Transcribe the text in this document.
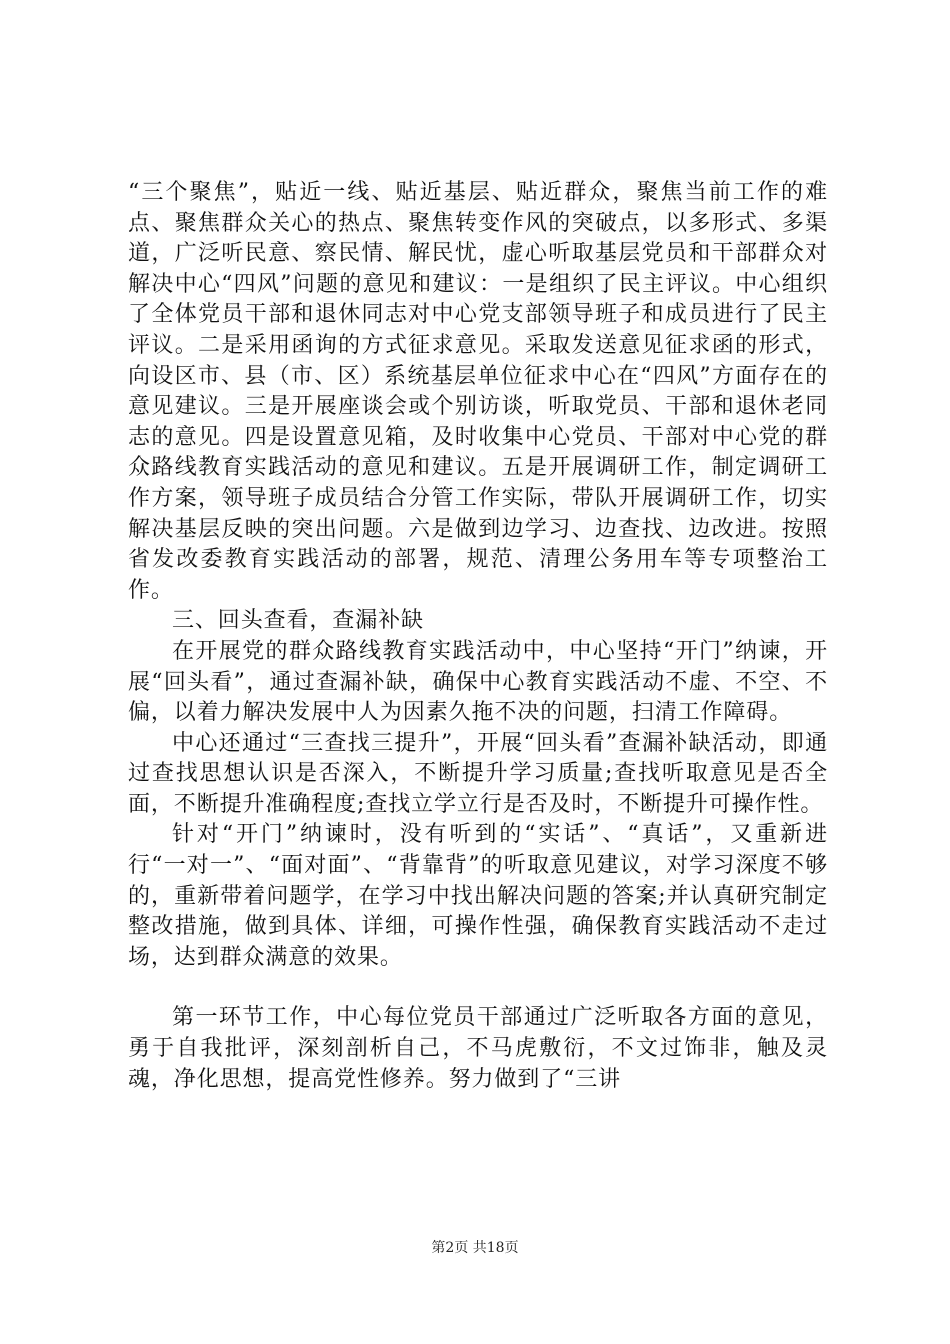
“三个聚焦”，贴近一线、贴近基层、贴近群众，聚焦当前工作的难点、聚焦群众关心的热点、聚焦转变作风的突破点，以多形式、多渠道，广泛听民意、察民情、解民忧，虚心听取基层党员和干部群众对解决中心“四风”问题的意见和建议：一是组织了民主评议。中心组织了全体党员干部和退休同志对中心党支部领导班子和成员进行了民主评议。二是采用函询的方式征求意见。采取发送意见征求函的形式，向设区市、县（市、区）系统基层单位征求中心在“四风”方面存在的意见建议。三是开展座谈会或个别访谈，听取党员、干部和退休老同志的意见。四是设置意见箱，及时收集中心党员、干部对中心党的群众路线教育实践活动的意见和建议。五是开展调研工作，制定调研工作方案，领导班子成员结合分管工作实际，带队开展调研工作，切实解决基层反映的突出问题。六是做到边学习、边查找、边改进。按照省发改委教育实践活动的部署，规范、清理公务用车等专项整治工作。

三、回头查看，查漏补缺

在开展党的群众路线教育实践活动中，中心坚持“开门”纳谏，开展“回头看”，通过查漏补缺，确保中心教育实践活动不虚、不空、不偏，以着力解决发展中人为因素久拖不决的问题，扫清工作障碍。

中心还通过“三查找三提升”，开展“回头看”查漏补缺活动，即通过查找思想认识是否深入，不断提升学习质量;查找听取意见是否全面，不断提升准确程度;查找立学立行是否及时，不断提升可操作性。

针对“开门”纳谏时，没有听到的“实话”、“真话”，又重新进行“一对一”、“面对面”、“背靠背”的听取意见建议，对学习深度不够的，重新带着问题学，在学习中找出解决问题的答案;并认真研究制定整改措施，做到具体、详细，可操作性强，确保教育实践活动不走过场，达到群众满意的效果。

第一环节工作，中心每位党员干部通过广泛听取各方面的意见，勇于自我批评，深刻剖析自己，不马虎敷衍，不文过饰非，触及灵魂，净化思想，提高党性修养。努力做到了“三讲

第2页 共18页
